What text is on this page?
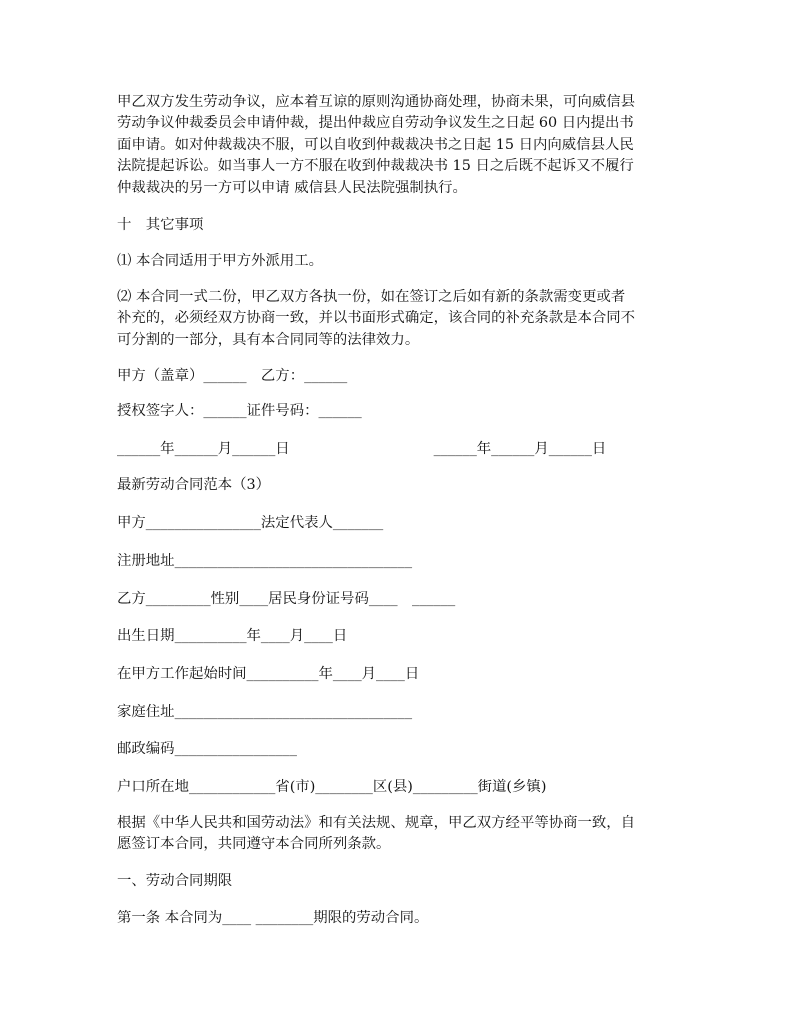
甲乙双方发生劳动争议，应本着互谅的原则沟通协商处理，协商未果，可向威信县
劳动争议仲裁委员会申请仲裁，提出仲裁应自劳动争议发生之日起 60 日内提出书
面申请。如对仲裁裁决不服，可以自收到仲裁裁决书之日起 15 日内向威信县人民
法院提起诉讼。如当事人一方不服在收到仲裁裁决书 15 日之后既不起诉又不履行
仲裁裁决的另一方可以申请 威信县人民法院强制执行。
十　其它事项
⑴ 本合同适用于甲方外派用工。
⑵ 本合同一式二份，甲乙双方各执一份，如在签订之后如有新的条款需变更或者
补充的，必须经双方协商一致，并以书面形式确定，该合同的补充条款是本合同不
可分割的一部分，具有本合同同等的法律效力。
甲方（盖章）______　乙方：______
授权签字人：______证件号码：______
______年______月______日　　　　　　　　　　______年______月______日
最新劳动合同范本（3）
甲方________________法定代表人_______
注册地址_________________________________
乙方_________性别____居民身份证号码____　______
出生日期__________年____月____日
在甲方工作起始时间__________年____月____日
家庭住址_________________________________
邮政编码_________________
户口所在地____________省(市)________区(县)_________街道(乡镇)
根据《中华人民共和国劳动法》和有关法规、规章，甲乙双方经平等协商一致，自
愿签订本合同，共同遵守本合同所列条款。
一、劳动合同期限
第一条 本合同为____ ________期限的劳动合同。
